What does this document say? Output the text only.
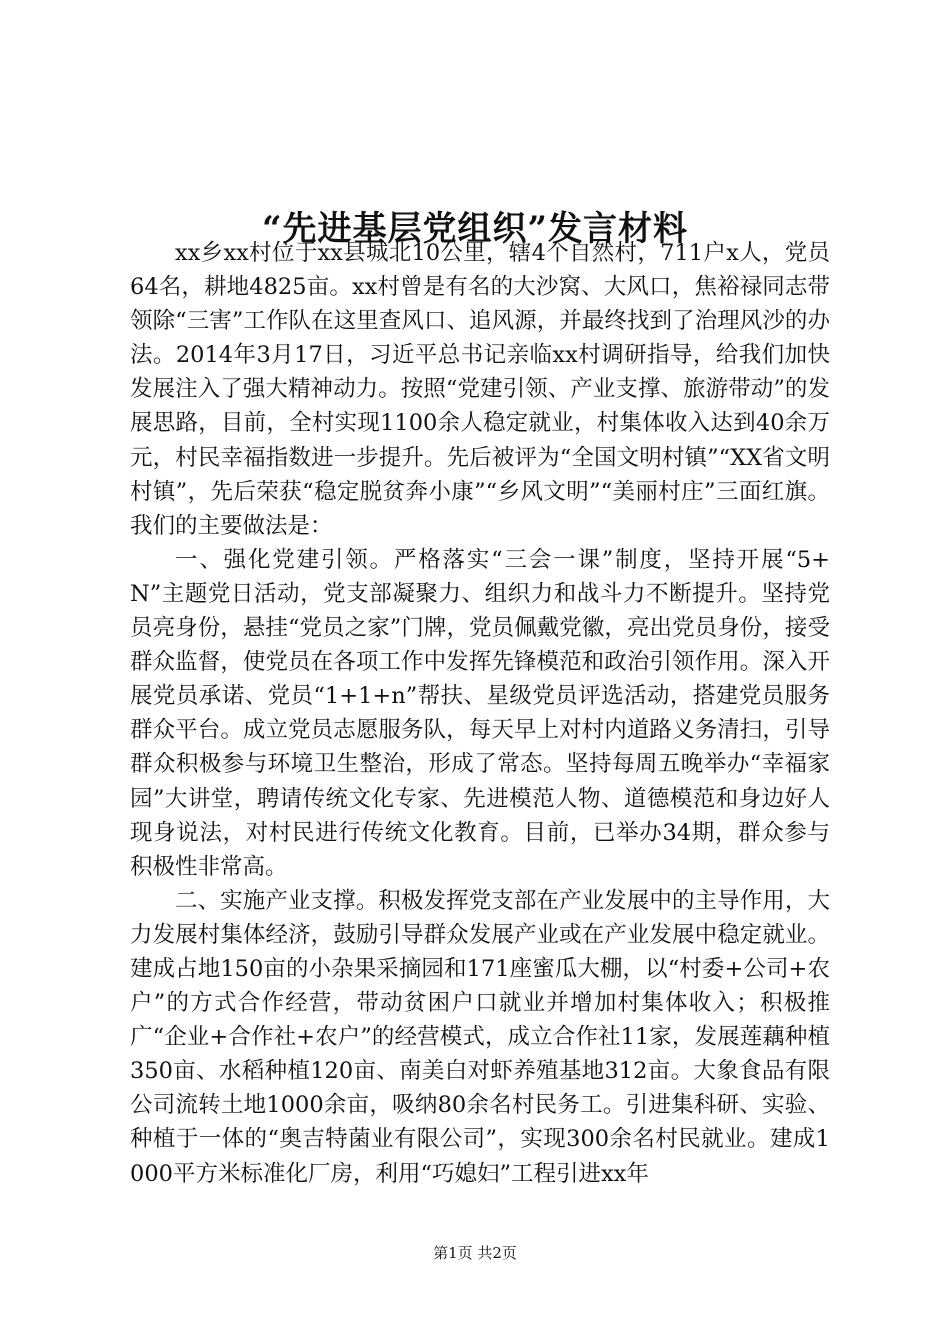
“先进基层党组织”发言材料

xx乡xx村位于xx县城北10公里，辖4个自然村，711户x人，党员64名，耕地4825亩。xx村曾是有名的大沙窝、大风口，焦裕禄同志带领除“三害”工作队在这里查风口、追风源，并最终找到了治理风沙的办法。2014年3月17日，习近平总书记亲临xx村调研指导，给我们加快发展注入了强大精神动力。按照“党建引领、产业支撑、旅游带动”的发展思路，目前，全村实现1100余人稳定就业，村集体收入达到40余万元，村民幸福指数进一步提升。先后被评为“全国文明村镇”“XX省文明村镇”，先后荣获“稳定脱贫奔小康”“乡风文明”“美丽村庄”三面红旗。我们的主要做法是：

一、强化党建引领。严格落实“三会一课”制度，坚持开展“5+N”主题党日活动，党支部凝聚力、组织力和战斗力不断提升。坚持党员亮身份，悬挂“党员之家”门牌，党员佩戴党徽，亮出党员身份，接受群众监督，使党员在各项工作中发挥先锋模范和政治引领作用。深入开展党员承诺、党员“1+1+n”帮扶、星级党员评选活动，搭建党员服务群众平台。成立党员志愿服务队，每天早上对村内道路义务清扫，引导群众积极参与环境卫生整治，形成了常态。坚持每周五晚举办“幸福家园”大讲堂，聘请传统文化专家、先进模范人物、道德模范和身边好人现身说法，对村民进行传统文化教育。目前，已举办34期，群众参与积极性非常高。

二、实施产业支撑。积极发挥党支部在产业发展中的主导作用，大力发展村集体经济，鼓励引导群众发展产业或在产业发展中稳定就业。建成占地150亩的小杂果采摘园和171座蜜瓜大棚，以“村委+公司+农户”的方式合作经营，带动贫困户口就业并增加村集体收入；积极推广“企业+合作社+农户”的经营模式，成立合作社11家，发展莲藕种植350亩、水稻种植120亩、南美白对虾养殖基地312亩。大象食品有限公司流转土地1000余亩，吸纳80余名村民务工。引进集科研、实验、种植于一体的“奥吉特菌业有限公司”，实现300余名村民就业。建成1000平方米标准化厂房，利用“巧媳妇”工程引进xx年

第1页 共2页
